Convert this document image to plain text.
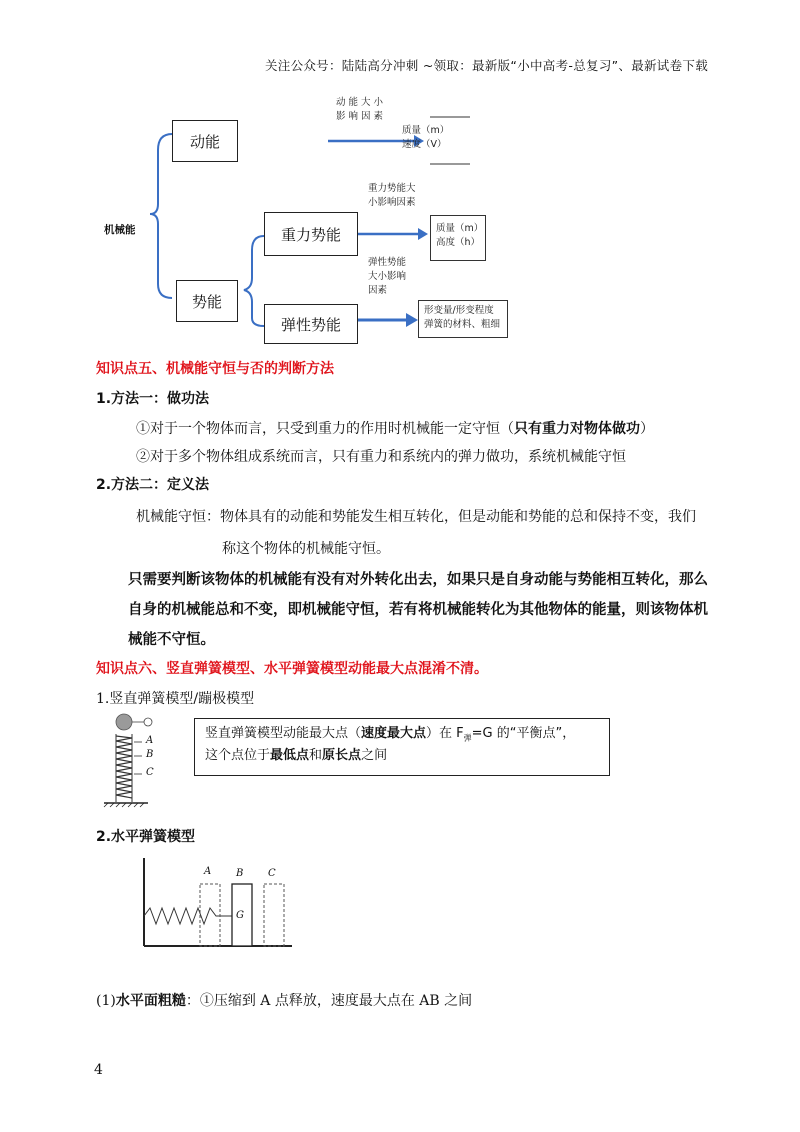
关注公众号：陆陆高分冲刺 ~领取：最新版“小中高考-总复习”、最新试卷下载
机械能
动能
势能
重力势能
弹性势能
动 能 大 小
影 响 因 素
质量（m）
速度（V）
重力势能大
小影响因素
质量（m）
高度（h）
弹性势能
大小影响
因素
形变量/形变程度
弹簧的材料、粗细
知识点五、机械能守恒与否的判断方法
1.方法一：做功法
①对于一个物体而言，只受到重力的作用时机械能一定守恒（只有重力对物体做功）
②对于多个物体组成系统而言，只有重力和系统内的弹力做功，系统机械能守恒
2.方法二：定义法
机械能守恒：物体具有的动能和势能发生相互转化，但是动能和势能的总和保持不变，我们
称这个物体的机械能守恒。
只需要判断该物体的机械能有没有对外转化出去，如果只是自身动能与势能相互转化，那么
自身的机械能总和不变，即机械能守恒，若有将机械能转化为其他物体的能量，则该物体机
械能不守恒。
知识点六、竖直弹簧模型、水平弹簧模型动能最大点混淆不清。
1.竖直弹簧模型/蹦极模型
A
B
C
竖直弹簧模型动能最大点（速度最大点）在 $F_弹=G$ 的“平衡点”，
这个点位于最低点和原长点之间
2.水平弹簧模型
A B C
G
(1)水平面粗糙：①压缩到 A 点释放，速度最大点在 AB 之间
4
